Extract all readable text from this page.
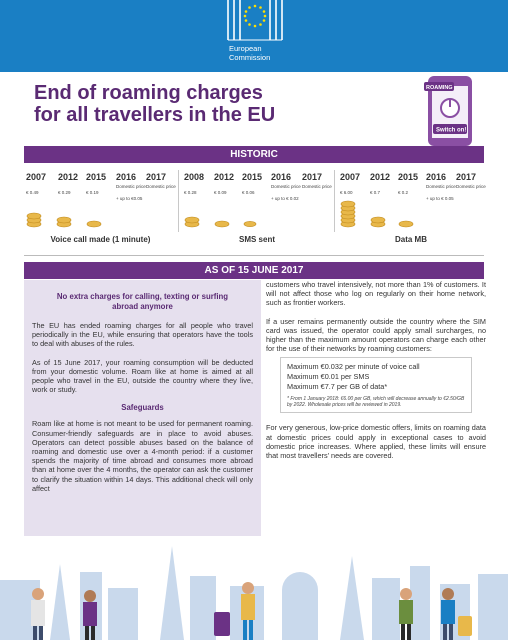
European
Commission
End of roaming charges
for all travellers in the EU
ROAMING
Switch on!
HISTORIC
2007
€ 0.49
2012
€ 0.29
2015
€ 0.19
2016
Domestic price
+ up to €0.05
2017
Domestic price
Voice call made (1 minute)
2008
€ 0.28
2012
€ 0.09
2015
€ 0.06
2016
Domestic price
+ up to € 0.02
2017
Domestic price
SMS sent
2007
€ 6.00
2012
€ 0.7
2015
€ 0.2
2016
Domestic price
+ up to € 0.05
2017
Domestic price
Data MB
AS OF 15 JUNE 2017
No extra charges for calling, texting or surfing abroad anymore

The EU has ended roaming charges for all people who travel periodically in the EU, while ensuring that operators have the tools to deal with abuses of the rules.

As of 15 June 2017, your roaming consumption will be deducted from your domestic volume. Roam like at home is aimed at all people who travel in the EU, outside the country where they live, work or study.

Safeguards

Roam like at home is not meant to be used for permanent roaming. Consumer-friendly safeguards are in place to avoid abuses. Operators can detect possible abuses based on the balance of roaming and domestic use over a 4-month period: if a customer spends the majority of time abroad and consumes more abroad than at home over the 4 months, the operator can ask the customer to clarify the situation within 14 days. This additional check will only affect

customers who travel intensively, not more than 1% of customers. It will not affect those who log on regularly on their home network, such as frontier workers.

If a user remains permanently outside the country where the SIM card was issued, the operator could apply small surcharges, no higher than the maximum amount operators can charge each other for the use of their networks by roaming customers:

Maximum €0.032 per minute of voice call
Maximum €0.01 per SMS
Maximum €7.7 per GB of data*
* From 1 January 2018: €6.00 per GB, which will decrease annually to €2.50/GB by 2022. Wholesale prices will be reviewed in 2019.

For very generous, low-price domestic offers, limits on roaming data at domestic prices could apply in exceptional cases to avoid domestic price increases. Where applied, these limits will ensure that most travellers' needs are covered.
